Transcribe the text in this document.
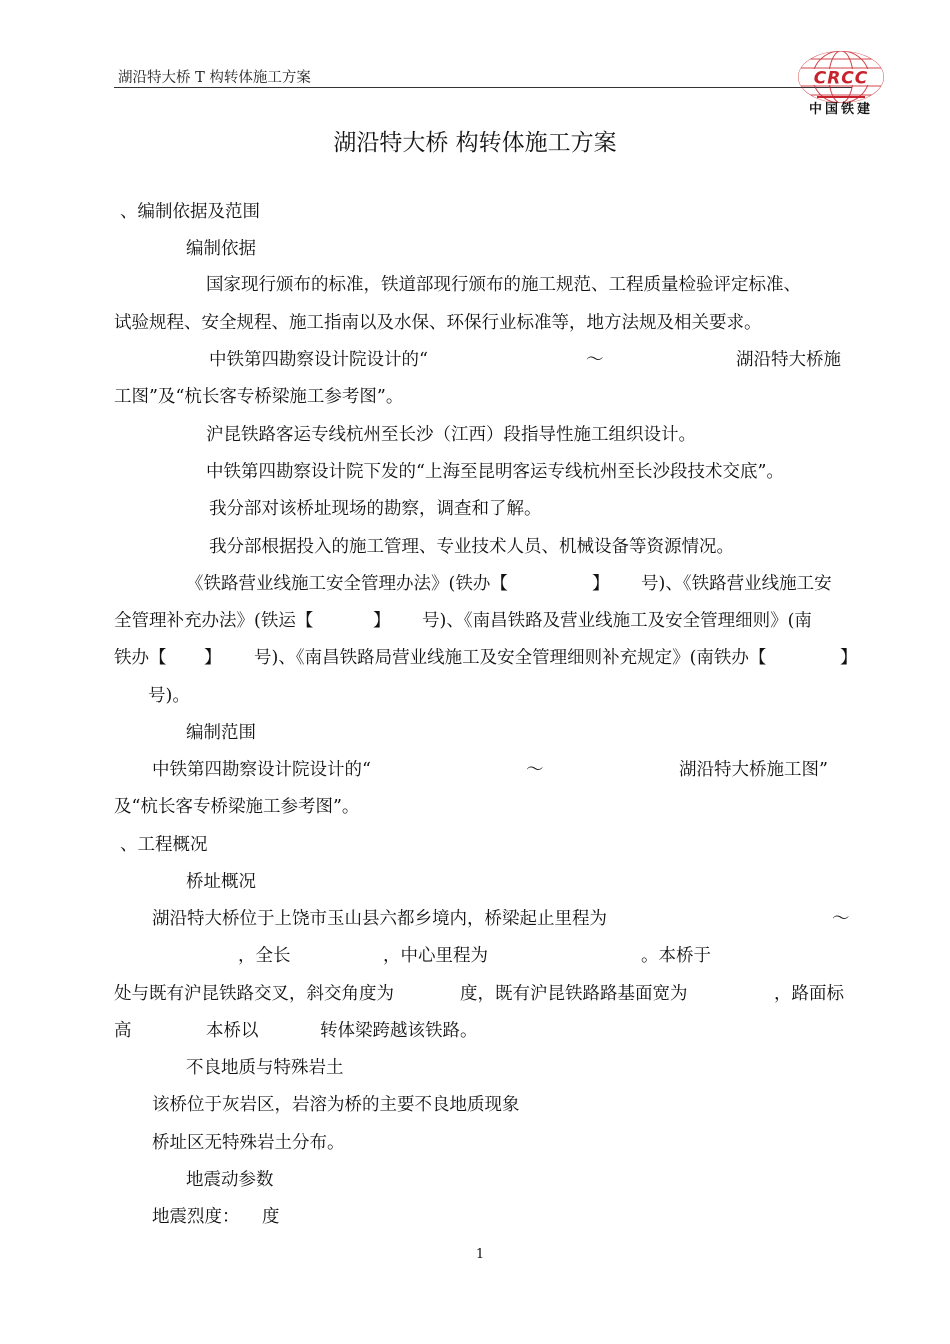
湖沿特大桥 T 构转体施工方案	CRCC
中国铁建
湖沿特大桥 构转体施工方案
、编制依据及范围
编制依据
国家现行颁布的标准，铁道部现行颁布的施工规范、工程质量检验评定标准、
试验规程、安全规程、施工指南以及水保、环保行业标准等，地方法规及相关要求。
中铁第四勘察设计院设计的“	～	湖沿特大桥施
工图”及“杭长客专桥梁施工参考图”。
沪昆铁路客运专线杭州至长沙（江西）段指导性施工组织设计。
中铁第四勘察设计院下发的“上海至昆明客运专线杭州至长沙段技术交底”。
我分部对该桥址现场的勘察，调查和了解。
我分部根据投入的施工管理、专业技术人员、机械设备等资源情况。
《铁路营业线施工安全管理办法》(铁办【	】 号)、《铁路营业线施工安
全管理补充办法》(铁运【	】 号)、《南昌铁路及营业线施工及安全管理细则》(南
铁办【 】 号)、《南昌铁路局营业线施工及安全管理细则补充规定》(南铁办【	】
号)。
编制范围
中铁第四勘察设计院设计的“	～	湖沿特大桥施工图”
及“杭长客专桥梁施工参考图”。
、工程概况
桥址概况
湖沿特大桥位于上饶市玉山县六都乡境内，桥梁起止里程为	～
，全长	，中心里程为	。本桥于
处与既有沪昆铁路交叉，斜交角度为	度，既有沪昆铁路路基面宽为	，路面标
高	本桥以	转体梁跨越该铁路。
不良地质与特殊岩土
该桥位于灰岩区，岩溶为桥的主要不良地质现象
桥址区无特殊岩土分布。
地震动参数
地震烈度： 度
1
